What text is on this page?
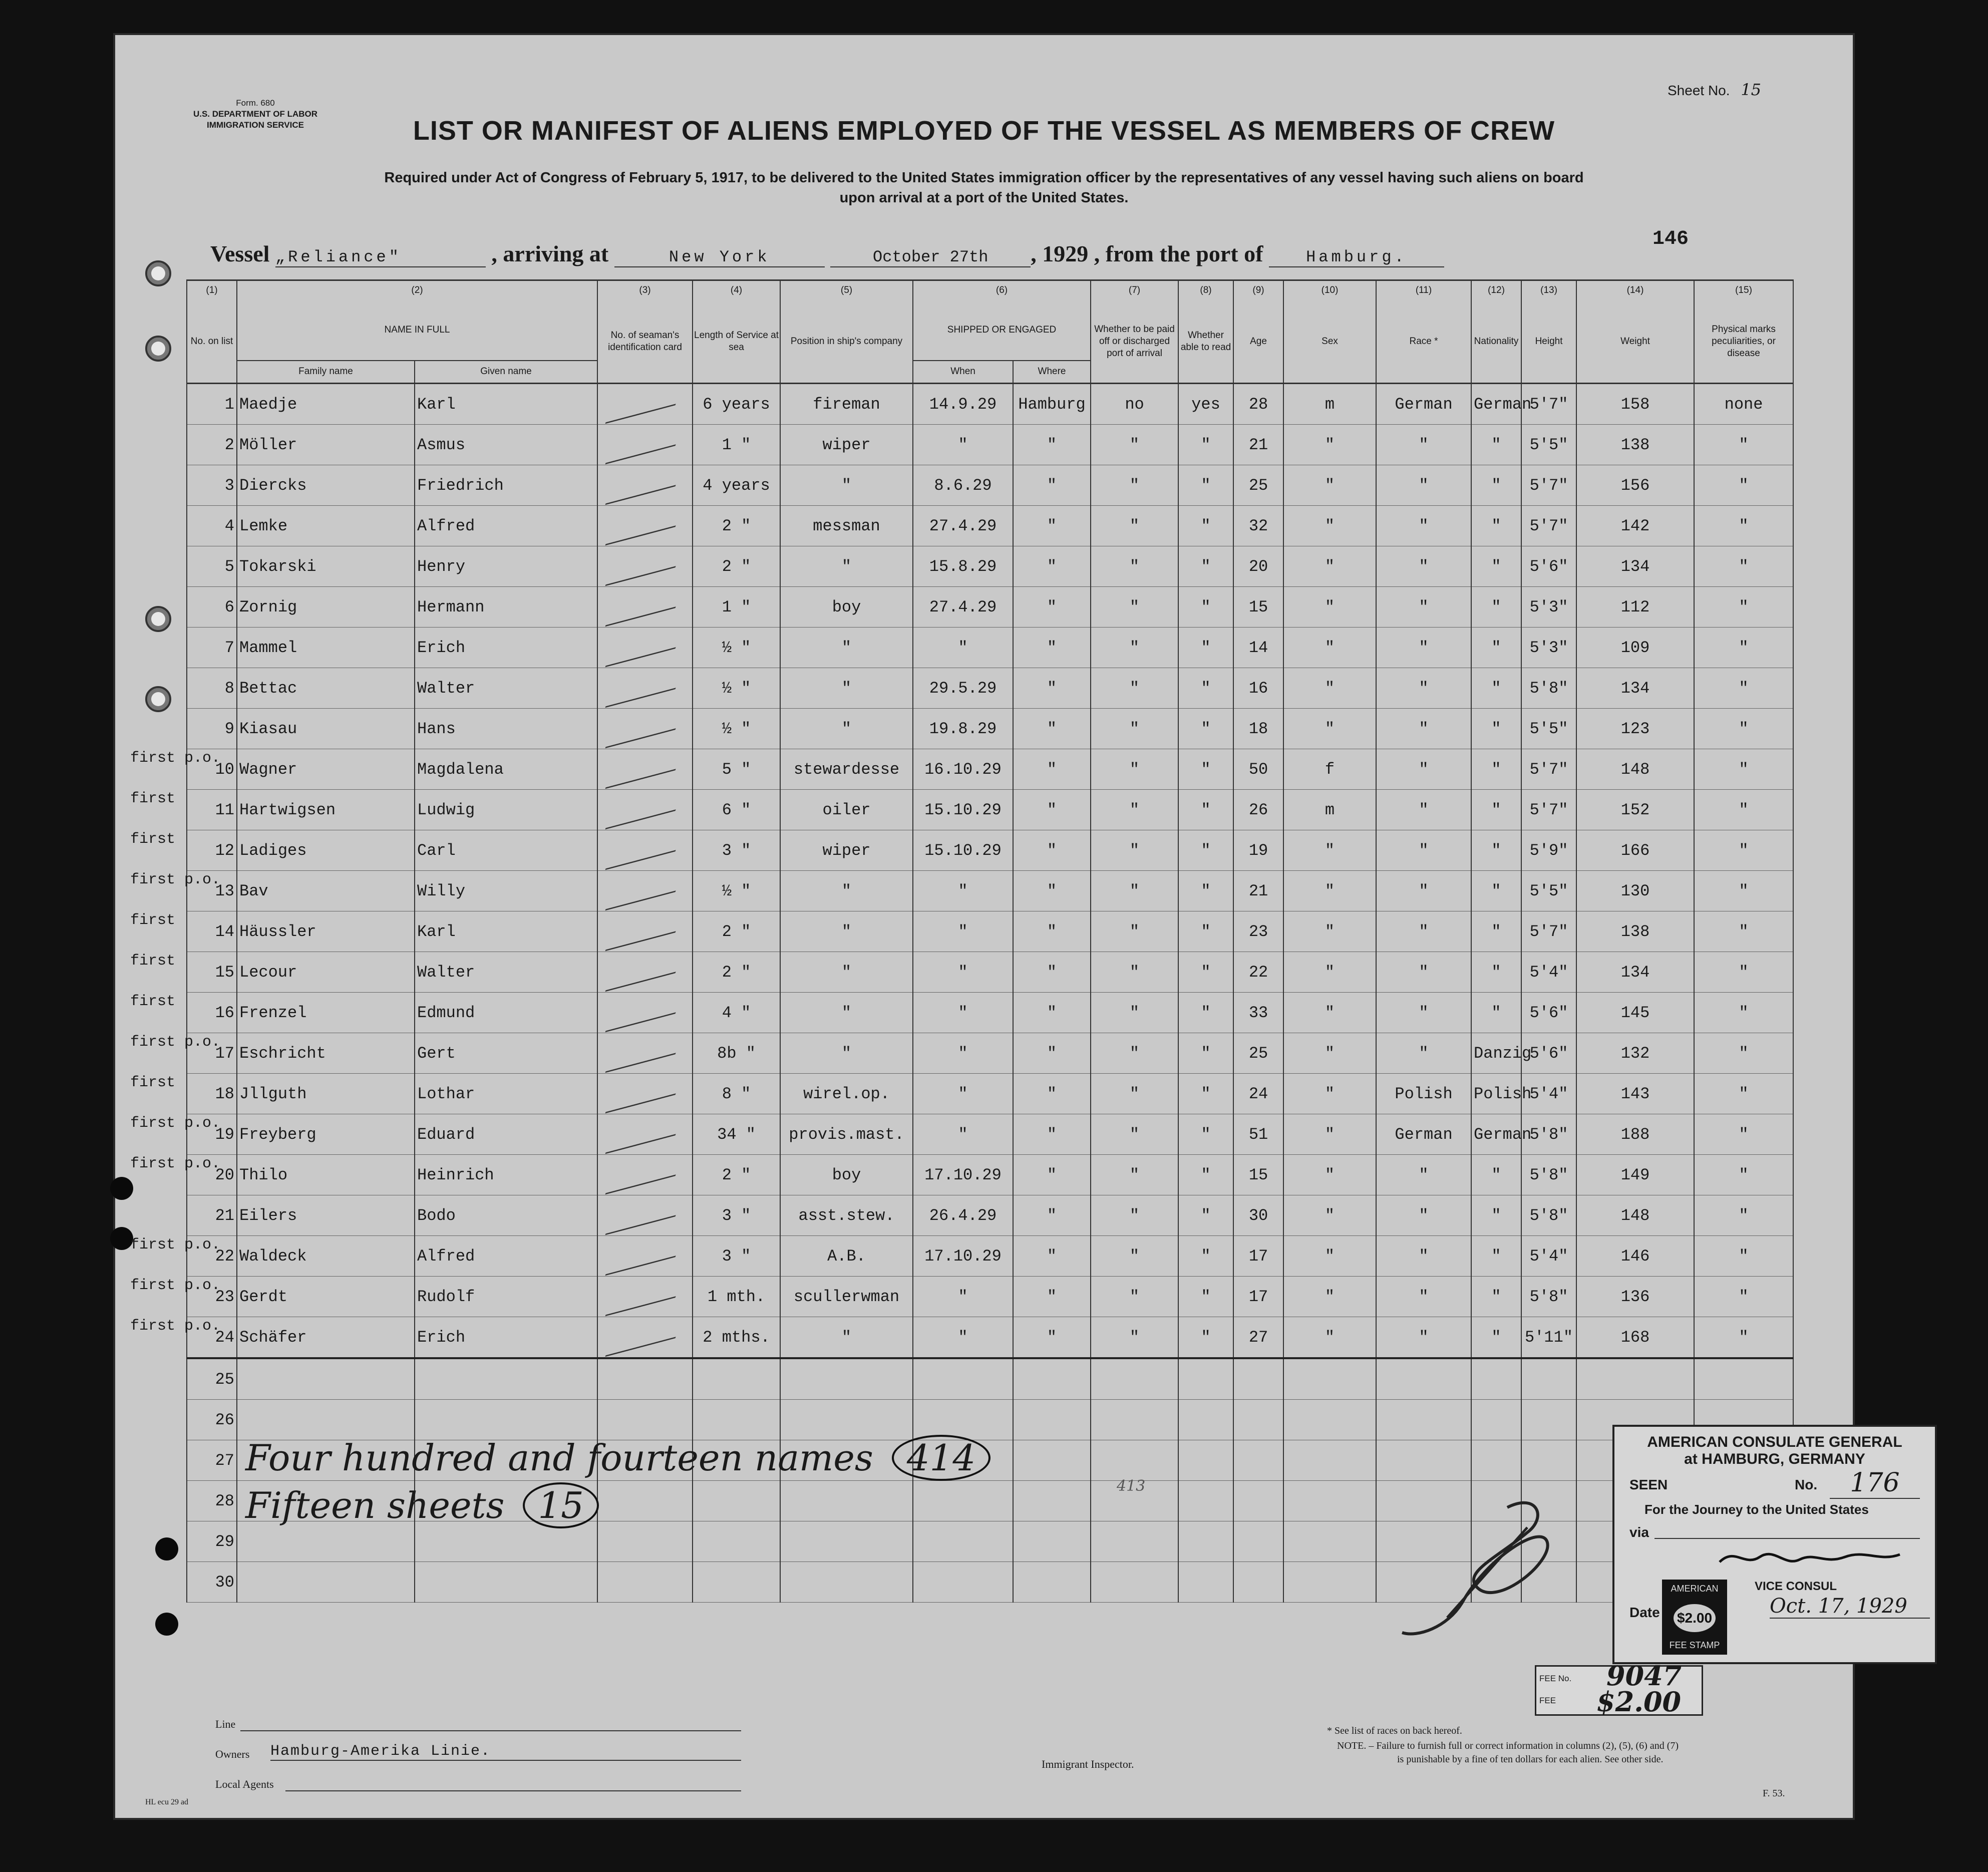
Form. 680
U.S. DEPARTMENT OF LABOR
IMMIGRATION SERVICE
Sheet No. 15
LIST OR MANIFEST OF ALIENS EMPLOYED OF THE VESSEL AS MEMBERS OF CREW
Required under Act of Congress of February 5, 1917, to be delivered to the United States immigration officer by the representatives of any vessel having such aliens on board
upon arrival at a port of the United States.
Vessel „Reliance"	, arriving at	New York	October 27th , 1929 , from the port of	Hamburg.
146
(1)	(2)		(3)	(4)	(5)	(6)		(7)	(8)	(9)	(10)	(11)	(12)	(13)	(14)	(15)
No. on list	NAME IN FULL		No. of seaman's identification card	Length of Service at sea	Position in ship's company	SHIPPED OR ENGAGED		Whether to be paid off or discharged port of arrival	Whether able to read	Age	Sex	Race *	Nationality	Height	Weight	Physical marks peculiarities, or disease
	Family name	Given name				When	Where									
1	Maedje	Karl		6 years	fireman	14.9.29	Hamburg	no	yes	28	m	German	German	5'7"	158	none
2	Möller	Asmus		1 "	wiper	"	"	"	"	21	"	"	"	5'5"	138	"
3	Diercks	Friedrich		4 years	"	8.6.29	"	"	"	25	"	"	"	5'7"	156	"
4	Lemke	Alfred		2 "	messman	27.4.29	"	"	"	32	"	"	"	5'7"	142	"
5	Tokarski	Henry		2 "	"	15.8.29	"	"	"	20	"	"	"	5'6"	134	"
6	Zornig	Hermann		1 "	boy	27.4.29	"	"	"	15	"	"	"	5'3"	112	"
7	Mammel	Erich		½ "	"	"	"	"	"	14	"	"	"	5'3"	109	"
8	Bettac	Walter		½ "	"	29.5.29	"	"	"	16	"	"	"	5'8"	134	"
9	Kiasau	Hans		½ "	"	19.8.29	"	"	"	18	"	"	"	5'5"	123	"
10	Wagner	Magdalena		5 "	stewardesse	16.10.29	"	"	"	50	f	"	"	5'7"	148	"
11	Hartwigsen	Ludwig		6 "	oiler	15.10.29	"	"	"	26	m	"	"	5'7"	152	"
12	Ladiges	Carl		3 "	wiper	15.10.29	"	"	"	19	"	"	"	5'9"	166	"
13	Bav	Willy		½ "	"	"	"	"	"	21	"	"	"	5'5"	130	"
14	Häussler	Karl		2 "	"	"	"	"	"	23	"	"	"	5'7"	138	"
15	Lecour	Walter		2 "	"	"	"	"	"	22	"	"	"	5'4"	134	"
16	Frenzel	Edmund		4 "	"	"	"	"	"	33	"	"	"	5'6"	145	"
17	Eschricht	Gert		8b "	"	"	"	"	"	25	"	"	Danzig	5'6"	132	"
18	Jllguth	Lothar		8 "	wirel.op.	"	"	"	"	24	"	Polish	Polish	5'4"	143	"
19	Freyberg	Eduard		34 "	provis.mast.	"	"	"	"	51	"	German	German	5'8"	188	"
20	Thilo	Heinrich		2 "	boy	17.10.29	"	"	"	15	"	"	"	5'8"	149	"
21	Eilers	Bodo		3 "	asst.stew.	26.4.29	"	"	"	30	"	"	"	5'8"	148	"
22	Waldeck	Alfred		3 "	A.B.	17.10.29	"	"	"	17	"	"	"	5'4"	146	"
23	Gerdt	Rudolf		1 mth.	scullerwman	"	"	"	"	17	"	"	"	5'8"	136	"
24	Schäfer	Erich		2 mths.	"	"	"	"	"	27	"	"	"	5'11"	168	"
25																
26																
27																
28																
29																
30																
first p.o.
first
first
first p.o.
first
first
first
first p.o.
first
first p.o.
first p.o.
first p.o.
first p.o.
first p.o.
Four hundred and fourteen names 414
Fifteen sheets 15	413
AMERICAN CONSULATE GENERAL
at HAMBURG, GERMANY
SEEN	No.	176
For the Journey to the United States
via
VICE CONSUL
Date	Oct. 17, 1929
AMERICAN
$2.00
FEE STAMP
FEE No. 9047
FEE $2.00
Line
Owners Hamburg-Amerika Linie.
Local Agents
Immigrant Inspector.
* See list of races on back hereof.
NOTE. – Failure to furnish full or correct information in columns (2), (5), (6) and (7)
is punishable by a fine of ten dollars for each alien. See other side.
F. 53.
HL ecu 29 ad
